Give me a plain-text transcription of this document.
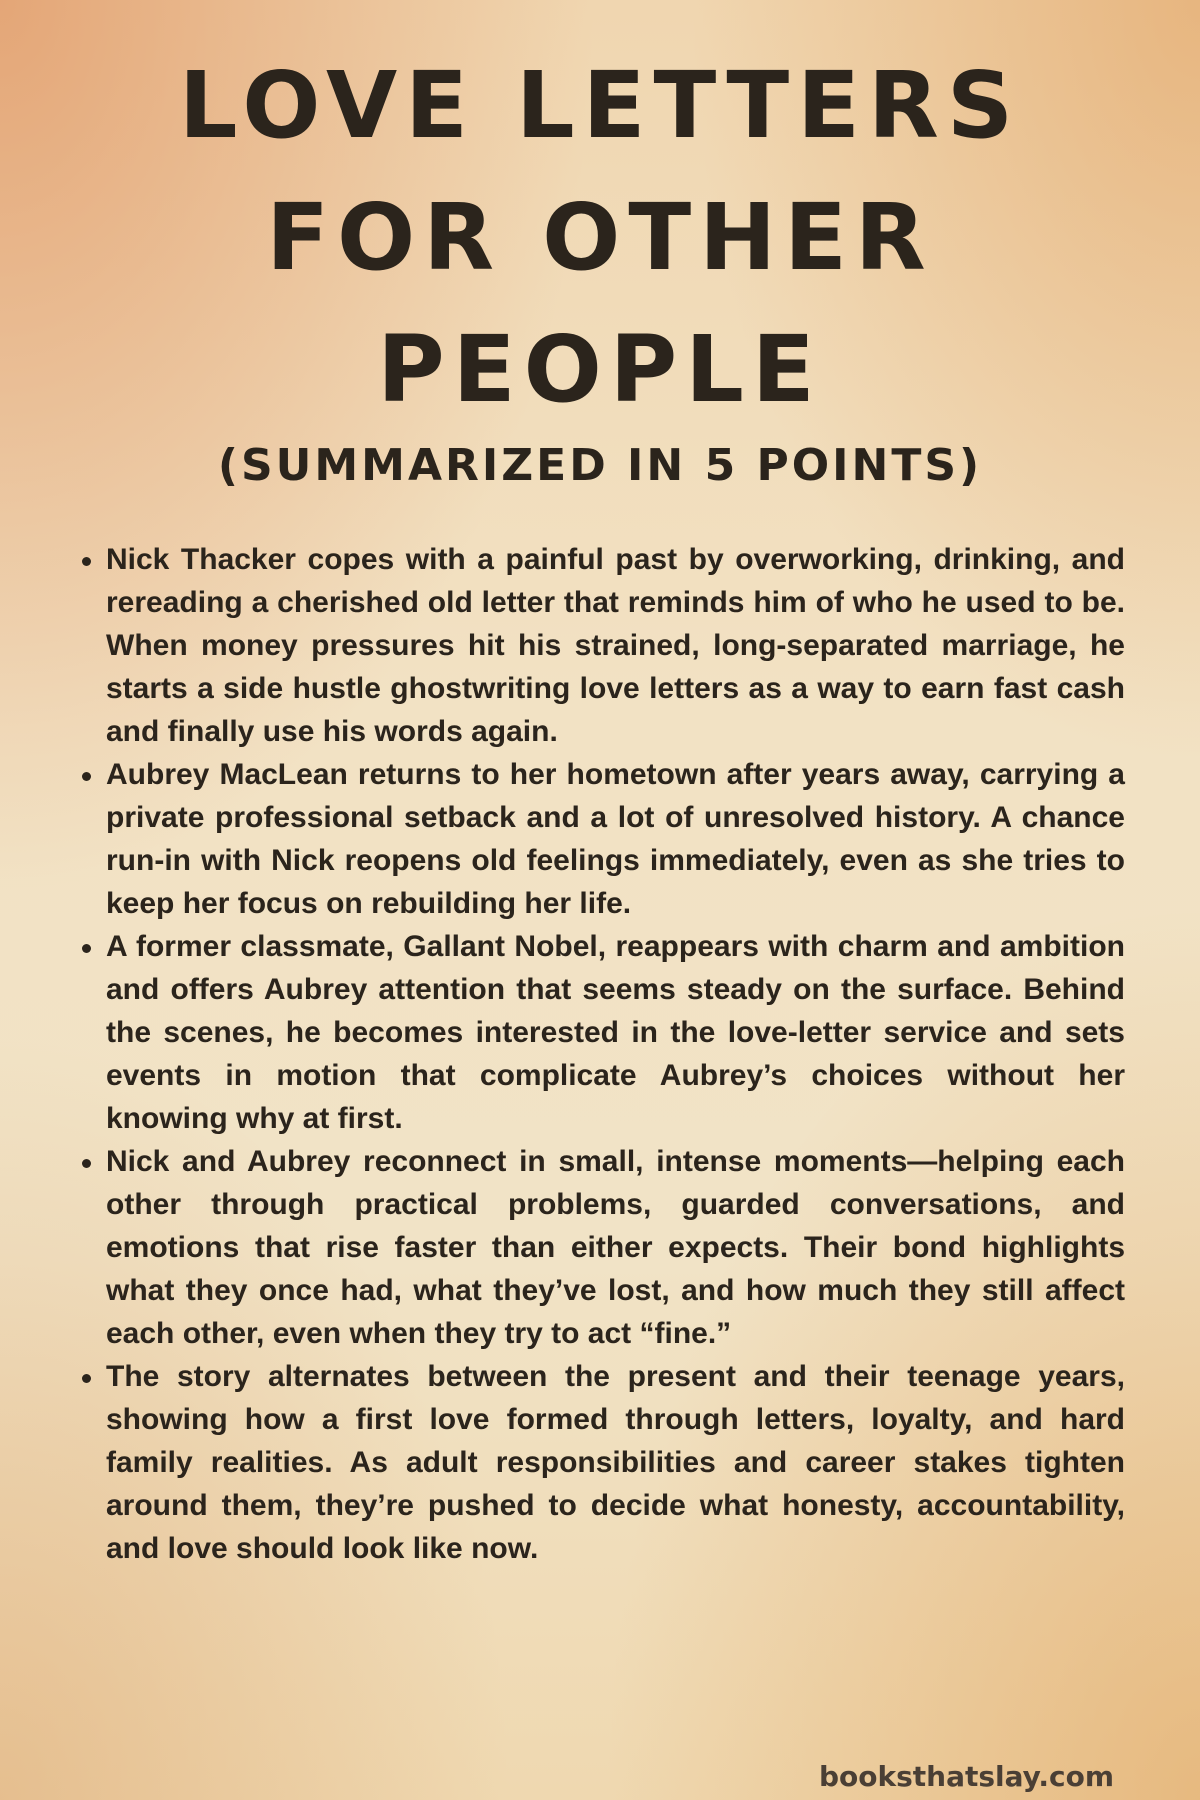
LOVE LETTERS
FOR OTHER
PEOPLE
(SUMMARIZED IN 5 POINTS)
Nick Thacker copes with a painful past by overworking, drinking, and rereading a cherished old letter that reminds him of who he used to be. When money pressures hit his strained, long-separated marriage, he starts a side hustle ghostwriting love letters as a way to earn fast cash and finally use his words again.
Aubrey MacLean returns to her hometown after years away, carrying a private professional setback and a lot of unresolved history. A chance run-in with Nick reopens old feelings immediately, even as she tries to keep her focus on rebuilding her life.
A former classmate, Gallant Nobel, reappears with charm and ambition and offers Aubrey attention that seems steady on the surface. Behind the scenes, he becomes interested in the love-letter service and sets events in motion that complicate Aubrey’s choices without her knowing why at first.
Nick and Aubrey reconnect in small, intense moments—helping each other through practical problems, guarded conversations, and emotions that rise faster than either expects. Their bond highlights what they once had, what they’ve lost, and how much they still affect each other, even when they try to act “fine.”
The story alternates between the present and their teenage years, showing how a first love formed through letters, loyalty, and hard family realities. As adult responsibilities and career stakes tighten around them, they’re pushed to decide what honesty, accountability, and love should look like now.
booksthatslay.com
